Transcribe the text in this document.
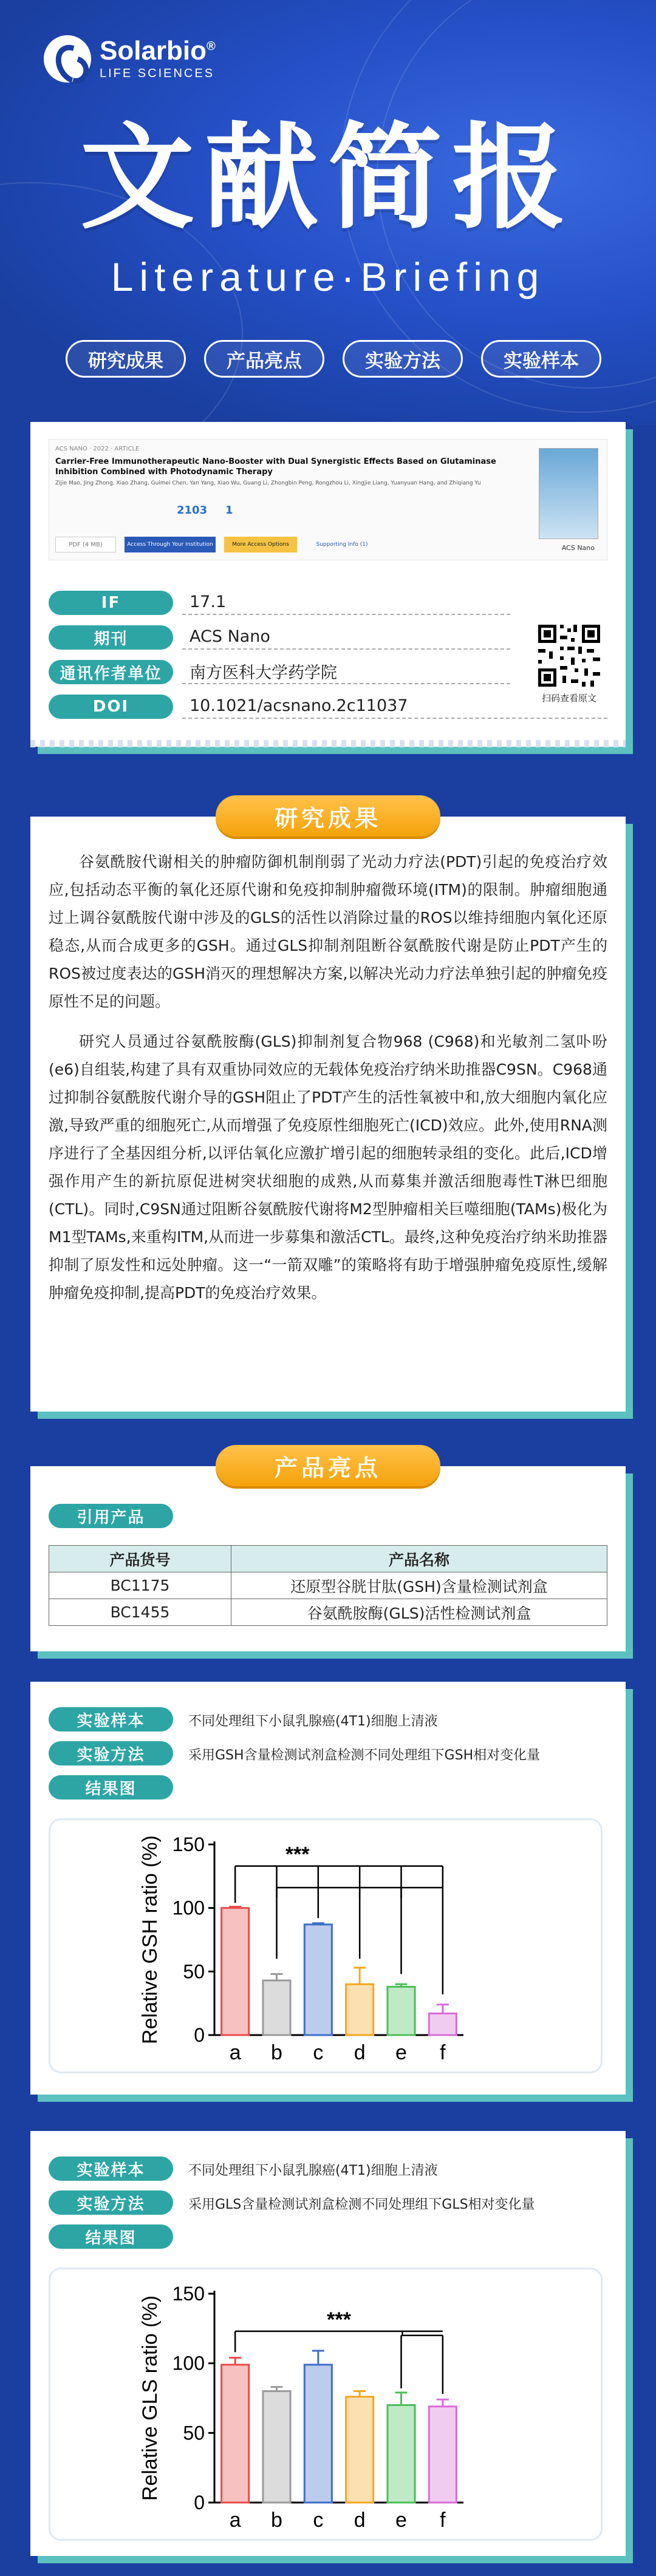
Solarbio®
LIFE SCIENCES
文献简报
Literature·Briefing
研究成果	产品亮点	实验方法	实验样本
ACS NANO · 2022 · ARTICLE
Carrier-Free Immunotherapeutic Nano-Booster with Dual Synergistic Effects Based on Glutaminase Inhibition Combined with Photodynamic Therapy
Zijie Mao, Jing Zhong, Xiao Zhang, Guimei Chen, Yan Yang, Xiao Wu, Guang Li, Zhongbin Peng, Rongzhou Li, Xingjie Liang, Yuanyuan Hang, and Zhiqiang Yu
2103 1
PDF (4 MB)	Access Through Your Institution	More Access Options	Supporting Info (1)	ACS Nano
IF	17.1
期刊	ACS Nano
通讯作者单位	南方医科大学药学院
DOI	10.1021/acsnano.2c11037	扫码查看原文
研究成果

谷氨酰胺代谢相关的肿瘤防御机制削弱了光动力疗法(PDT)引起的免疫治疗效应,包括动态平衡的氧化还原代谢和免疫抑制肿瘤微环境(ITM)的限制。肿瘤细胞通过上调谷氨酰胺代谢中涉及的GLS的活性以消除过量的ROS以维持细胞内氧化还原稳态,从而合成更多的GSH。通过GLS抑制剂阻断谷氨酰胺代谢是防止PDT产生的ROS被过度表达的GSH消灭的理想解决方案,以解决光动力疗法单独引起的肿瘤免疫原性不足的问题。

研究人员通过谷氨酰胺酶(GLS)抑制剂复合物968 (C968)和光敏剂二氢卟吩(e6)自组装,构建了具有双重协同效应的无载体免疫治疗纳米助推器C9SN。C968通过抑制谷氨酰胺代谢介导的GSH阻止了PDT产生的活性氧被中和,放大细胞内氧化应激,导致严重的细胞死亡,从而增强了免疫原性细胞死亡(ICD)效应。此外,使用RNA测序进行了全基因组分析,以评估氧化应激扩增引起的细胞转录组的变化。此后,ICD增强作用产生的新抗原促进树突状细胞的成熟,从而募集并激活细胞毒性T淋巴细胞(CTL)。同时,C9SN通过阻断谷氨酰胺代谢将M2型肿瘤相关巨噬细胞(TAMs)极化为M1型TAMs,来重构ITM,从而进一步募集和激活CTL。最终,这种免疫治疗纳米助推器抑制了原发性和远处肿瘤。这一“一箭双雕”的策略将有助于增强肿瘤免疫原性,缓解肿瘤免疫抑制,提高PDT的免疫治疗效果。

产品亮点
引用产品
产品货号	产品名称
BC1175	还原型谷胱甘肽(GSH)含量检测试剂盒
BC1455	谷氨酰胺酶(GLS)活性检测试剂盒
实验样本	不同处理组下小鼠乳腺癌(4T1)细胞上清液
实验方法	采用GSH含量检测试剂盒检测不同处理组下GSH相对变化量
结果图
0
50
100
150
Relative GSH ratio (%)
a b c d e f
***
实验样本	不同处理组下小鼠乳腺癌(4T1)细胞上清液
实验方法	采用GLS含量检测试剂盒检测不同处理组下GLS相对变化量
结果图
0
50
100
150
Relative GLS ratio (%)
a b c d e f
***
